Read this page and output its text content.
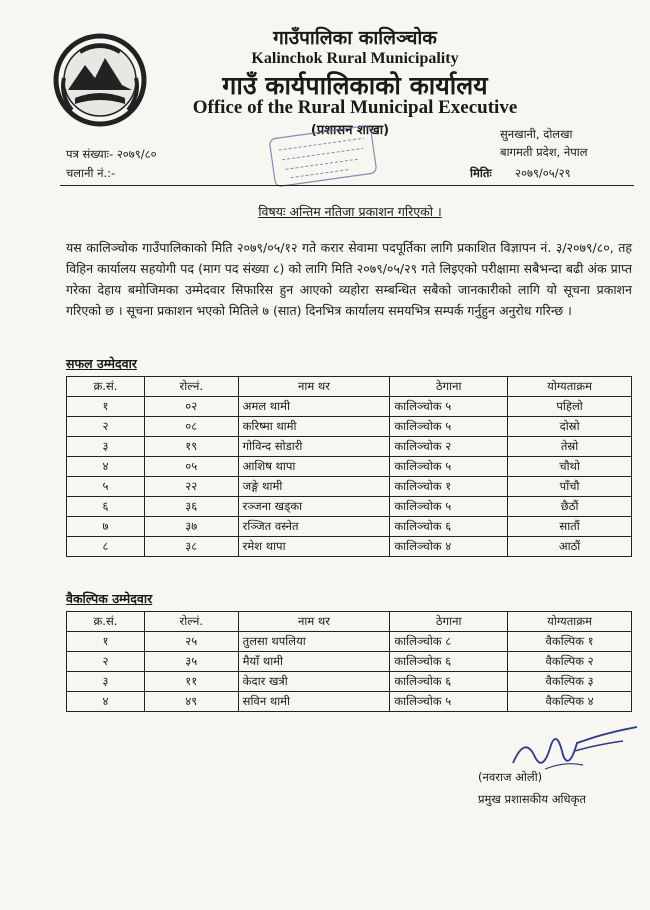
गाउँपालिका कालिञ्चोक
Kalinchok Rural Municipality
गाउँ कार्यपालिकाको कार्यालय
Office of the Rural Municipal Executive
(प्रशासन शाखा)
पत्र संख्याः- २०७९/८०
चलानी नं.:-
सुनखानी, दोलखा
बागमती प्रदेश, नेपाल
मितिः २०७९/०५/२९
विषयः अन्तिम नतिजा प्रकाशन गरिएको ।
यस कालिञ्चोक गाउँपालिकाको मिति २०७९/०५/१२ गते करार सेवामा पदपूर्तिका लागि प्रकाशित विज्ञापन नं. ३/२०७९/८०, तह विहिन कार्यालय सहयोगी पद (माग पद संख्या ८) को लागि मिति २०७९/०५/२९ गते लिइएको परीक्षामा सबैभन्दा बढी अंक प्राप्त गरेका देहाय बमोजिमका उम्मेदवार सिफारिस हुन आएको व्यहोरा सम्बन्धित सबैको जानकारीको लागि यो सूचना प्रकाशन गरिएको छ । सूचना प्रकाशन भएको मितिले ७ (सात) दिनभित्र कार्यालय समयभित्र सम्पर्क गर्नुहुन अनुरोध गरिन्छ ।
सफल उम्मेदवार
क्र.सं.	रोल्नं.	नाम थर	ठेगाना	योग्यताक्रम
१	०२	अमल थामी	कालिञ्चोक ५	पहिलो
२	०८	करिष्मा थामी	कालिञ्चोक ५	दोस्रो
३	१९	गोविन्द सोडारी	कालिञ्चोक २	तेस्रो
४	०५	आशिष थापा	कालिञ्चोक ५	चौथो
५	२२	जङ्गे थामी	कालिञ्चोक १	पाँचौ
६	३६	रञ्जना खड्का	कालिञ्चोक ५	छैठौं
७	३७	रञ्जित वस्नेत	कालिञ्चोक ६	सातौं
८	३८	रमेश थापा	कालिञ्चोक ४	आठौं
वैकल्पिक उम्मेदवार
क्र.सं.	रोल्नं.	नाम थर	ठेगाना	योग्यताक्रम
१	२५	तुलसा थपलिया	कालिञ्चोक ८	वैकल्पिक १
२	३५	मैयाँ थामी	कालिञ्चोक ६	वैकल्पिक २
३	११	केदार खत्री	कालिञ्चोक ६	वैकल्पिक ३
४	४९	सविन थामी	कालिञ्चोक ५	वैकल्पिक ४
(नवराज ओली)
प्रमुख प्रशासकीय अधिकृत
